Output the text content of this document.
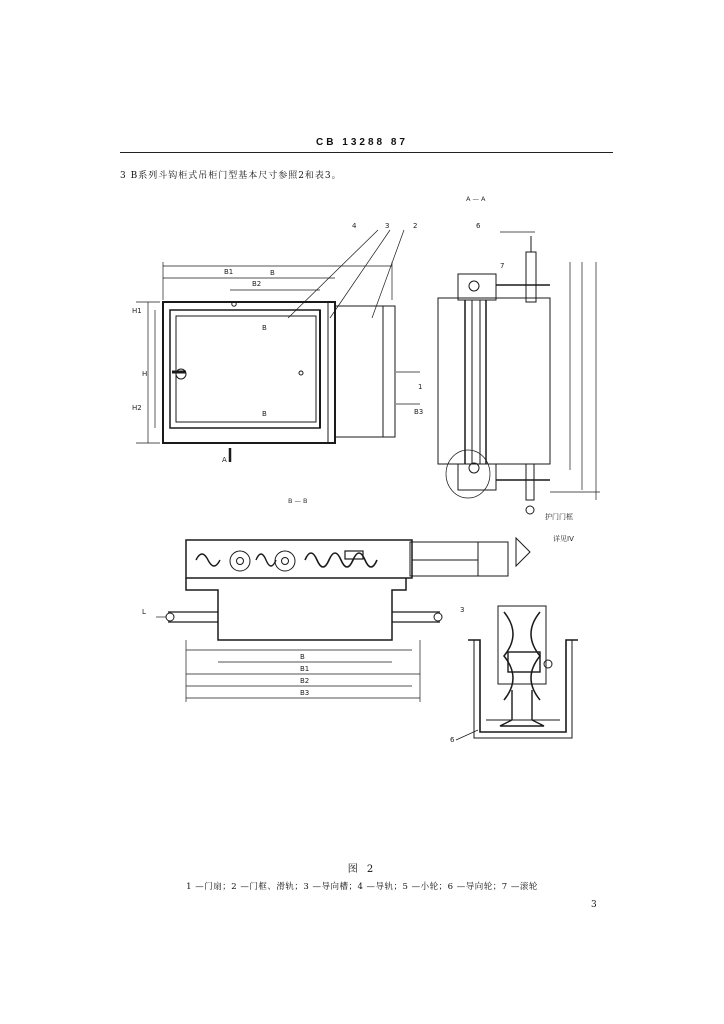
CB 13288 87
3 B系列斗钩柜式吊柜门型基本尺寸参照2和表3。
1
2
3
4	6
7
6
B
B1
B2
H
H1
H2	B3
L
B
B1
B2
B3
A
B
B
3
A—A
B—B
护门门框
详见IV
图 2
1 —门扇；2 —门框、滑轨；3 —导向槽；4 —导轨；5 —小轮；6 —导向轮；7 —滚轮
3
